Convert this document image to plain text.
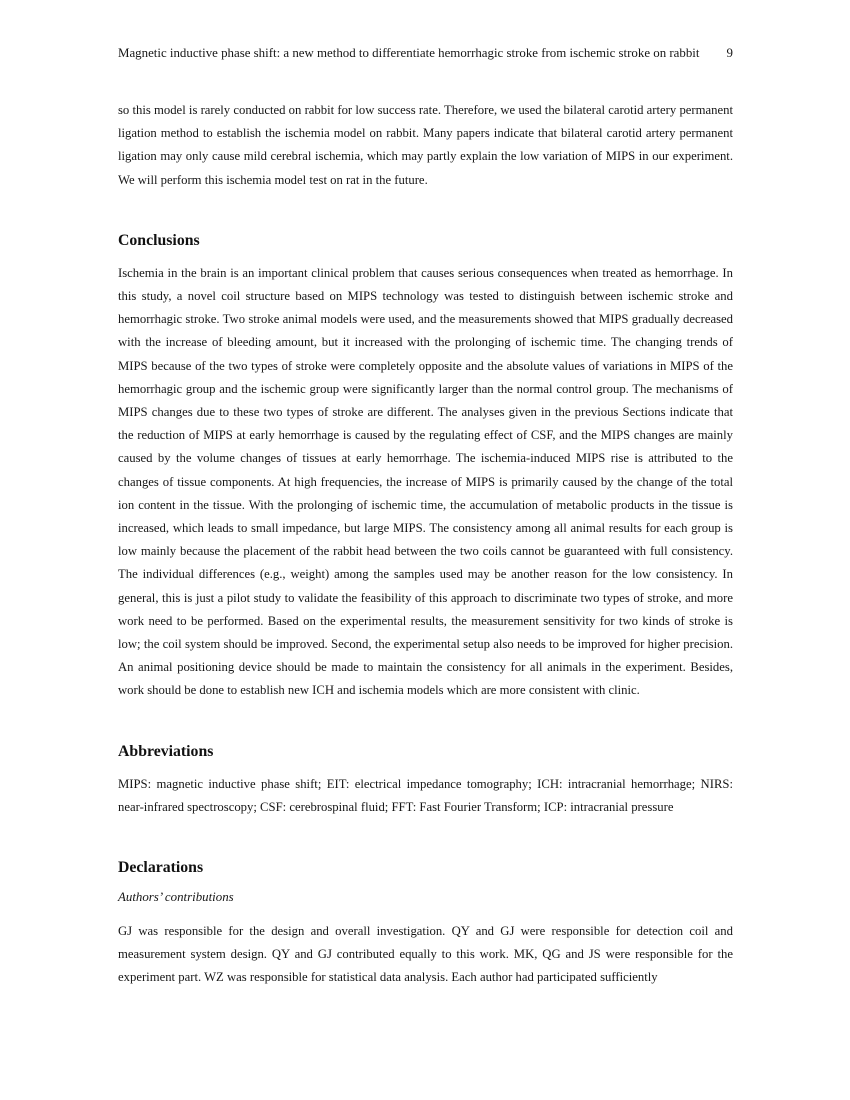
Magnetic inductive phase shift: a new method to differentiate hemorrhagic stroke from ischemic stroke on rabbit	9

so this model is rarely conducted on rabbit for low success rate. Therefore, we used the bilateral carotid artery permanent ligation method to establish the ischemia model on rabbit. Many papers indicate that bilateral carotid artery permanent ligation may only cause mild cerebral ischemia, which may partly explain the low variation of MIPS in our experiment. We will perform this ischemia model test on rat in the future.

Conclusions

Ischemia in the brain is an important clinical problem that causes serious consequences when treated as hemorrhage. In this study, a novel coil structure based on MIPS technology was tested to distinguish between ischemic stroke and hemorrhagic stroke. Two stroke animal models were used, and the measurements showed that MIPS gradually decreased with the increase of bleeding amount, but it increased with the prolonging of ischemic time. The changing trends of MIPS because of the two types of stroke were completely opposite and the absolute values of variations in MIPS of the hemorrhagic group and the ischemic group were significantly larger than the normal control group. The mechanisms of MIPS changes due to these two types of stroke are different. The analyses given in the previous Sections indicate that the reduction of MIPS at early hemorrhage is caused by the regulating effect of CSF, and the MIPS changes are mainly caused by the volume changes of tissues at early hemorrhage. The ischemia-induced MIPS rise is attributed to the changes of tissue components. At high frequencies, the increase of MIPS is primarily caused by the change of the total ion content in the tissue. With the prolonging of ischemic time, the accumulation of metabolic products in the tissue is increased, which leads to small impedance, but large MIPS. The consistency among all animal results for each group is low mainly because the placement of the rabbit head between the two coils cannot be guaranteed with full consistency. The individual differences (e.g., weight) among the samples used may be another reason for the low consistency. In general, this is just a pilot study to validate the feasibility of this approach to discriminate two types of stroke, and more work need to be performed. Based on the experimental results, the measurement sensitivity for two kinds of stroke is low; the coil system should be improved. Second, the experimental setup also needs to be improved for higher precision. An animal positioning device should be made to maintain the consistency for all animals in the experiment. Besides, work should be done to establish new ICH and ischemia models which are more consistent with clinic.

Abbreviations

MIPS: magnetic inductive phase shift; EIT: electrical impedance tomography; ICH: intracranial hemorrhage; NIRS: near-infrared spectroscopy; CSF: cerebrospinal fluid; FFT: Fast Fourier Transform; ICP: intracranial pressure

Declarations
Authors’ contributions

GJ was responsible for the design and overall investigation. QY and GJ were responsible for detection coil and measurement system design. QY and GJ contributed equally to this work. MK, QG and JS were responsible for the experiment part. WZ was responsible for statistical data analysis. Each author had participated sufficiently
